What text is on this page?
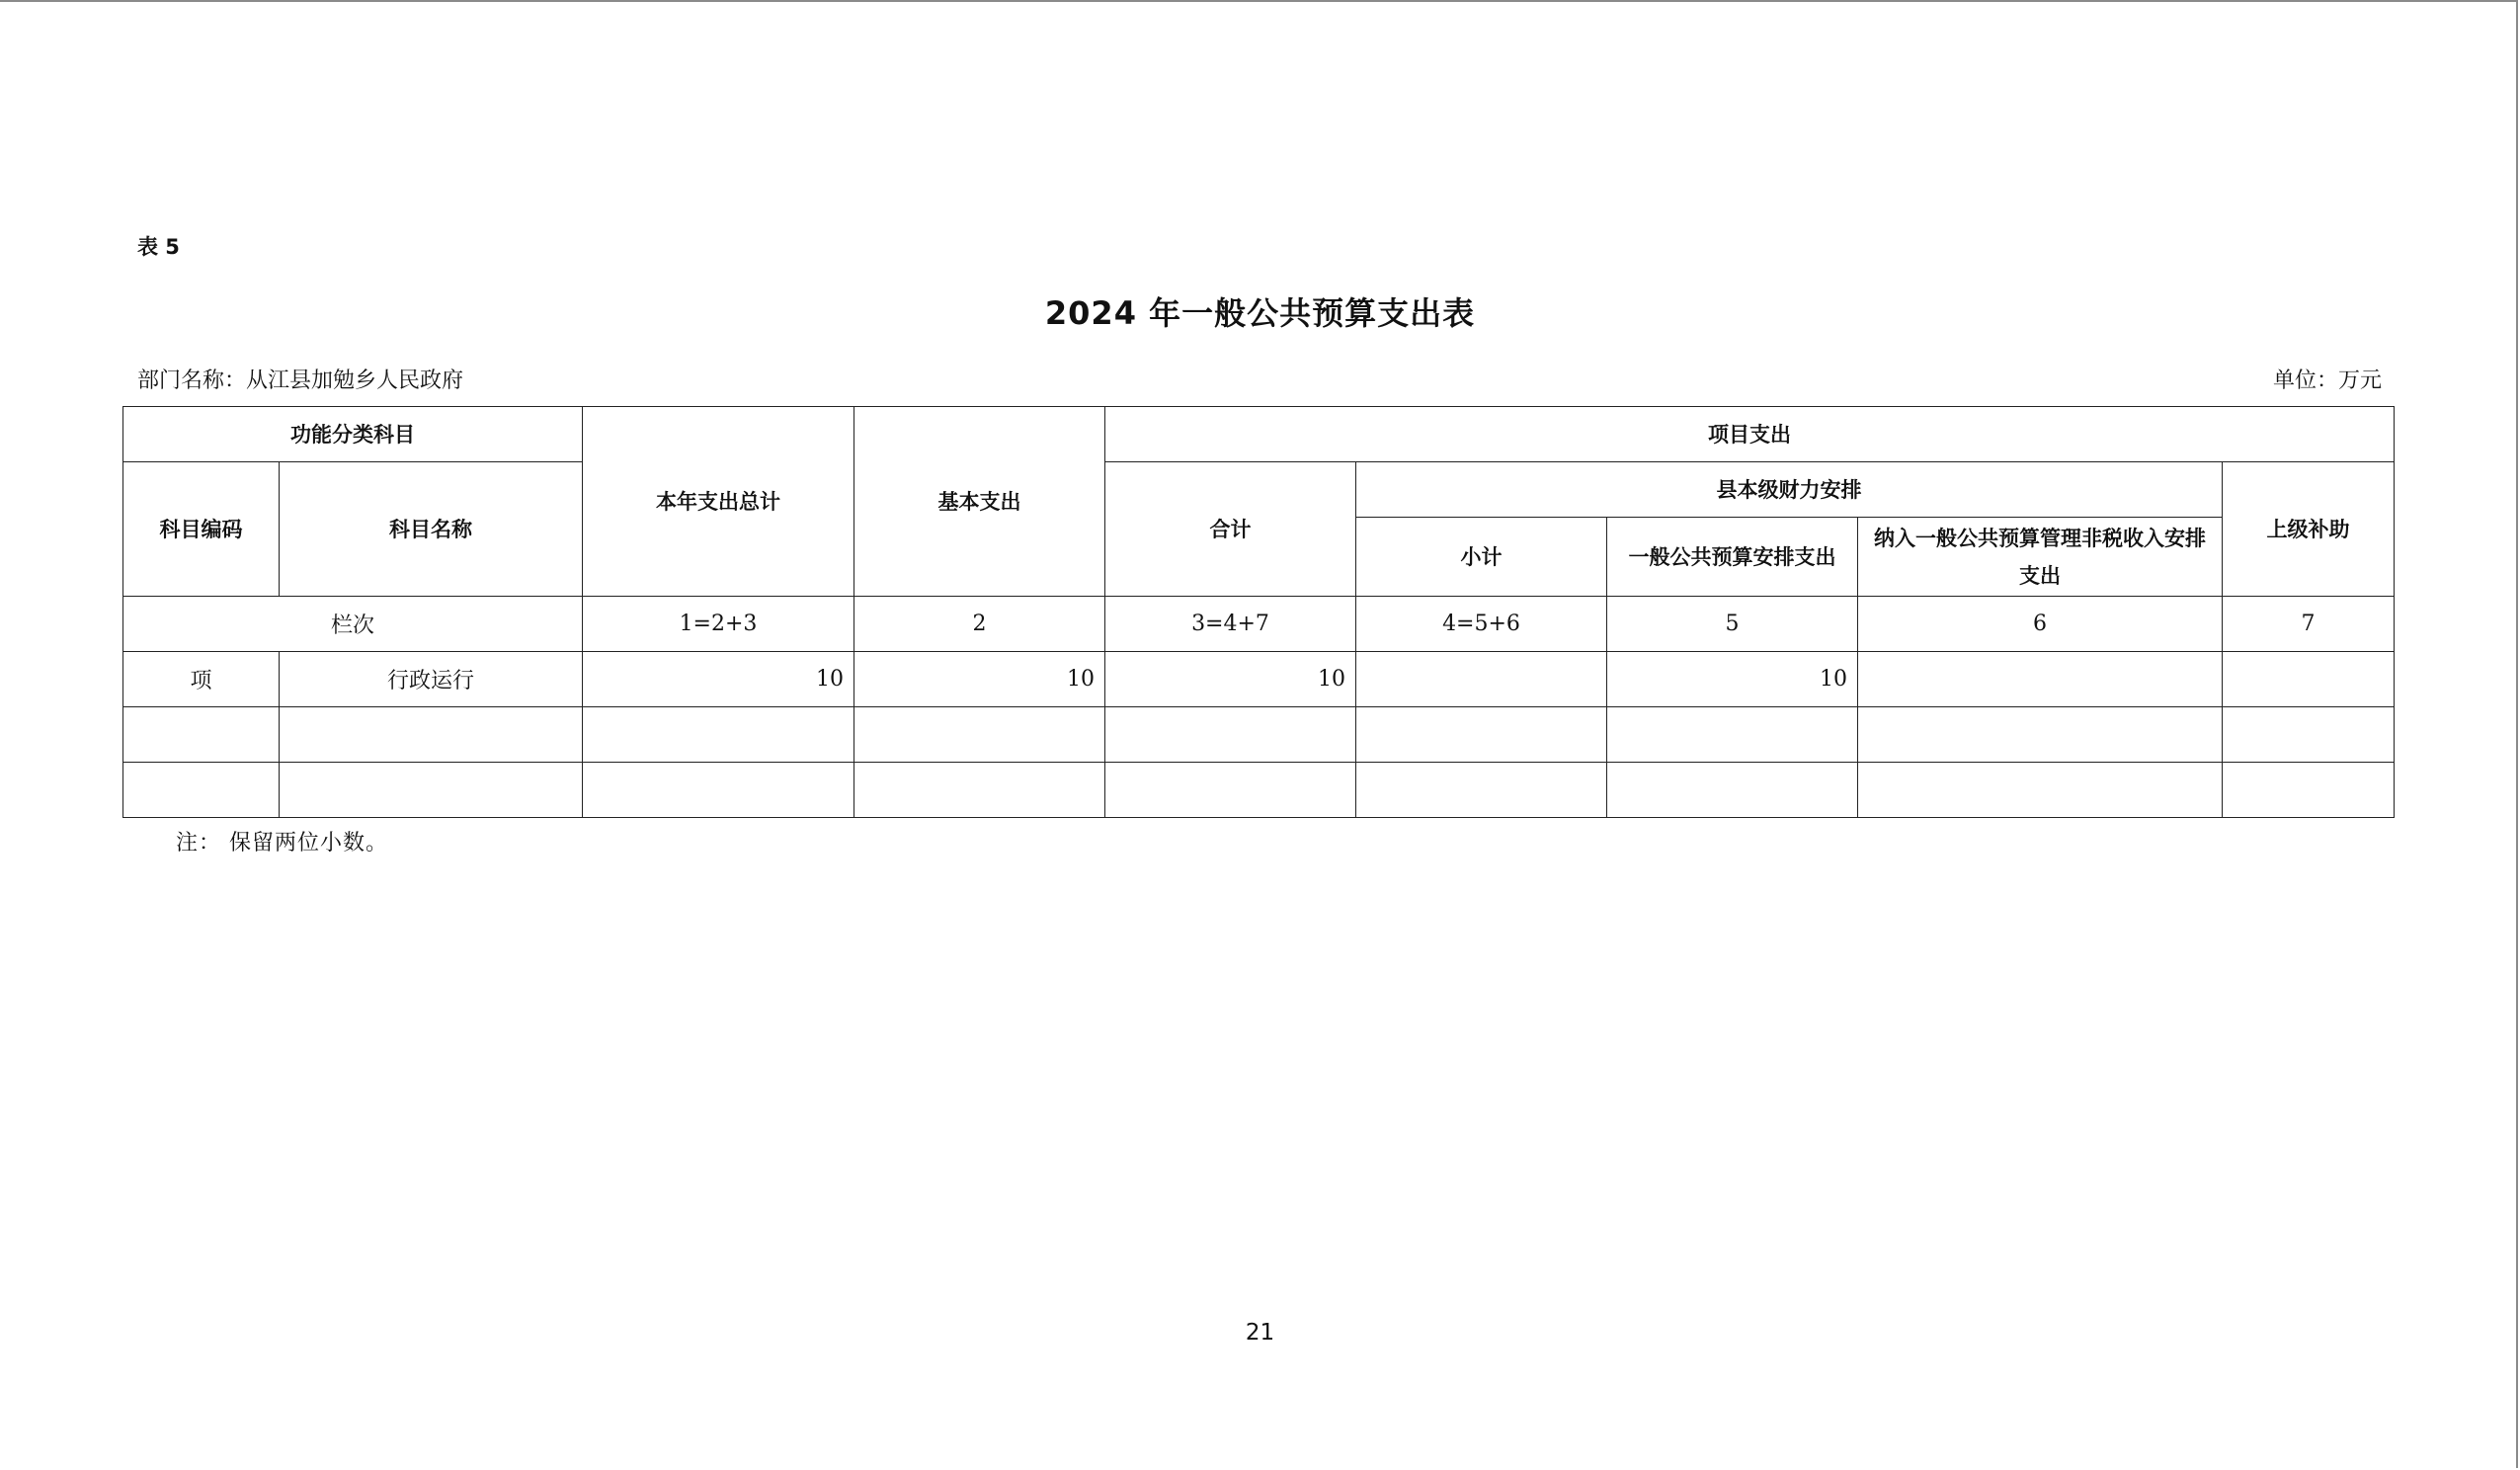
表 5
2024 年一般公共预算支出表
部门名称：从江县加勉乡人民政府	单位：万元
功能分类科目		本年支出总计	基本支出	项目支出				
科目编码	科目名称			合计	县本级财力安排			上级补助
					小计	一般公共预算安排支出	纳入一般公共预算管理非税收入安排支出	
栏次		1=2+3	2	3=4+7	4=5+6	5	6	7
项	行政运行	10	10	10		10		

注： 保留两位小数。
21
